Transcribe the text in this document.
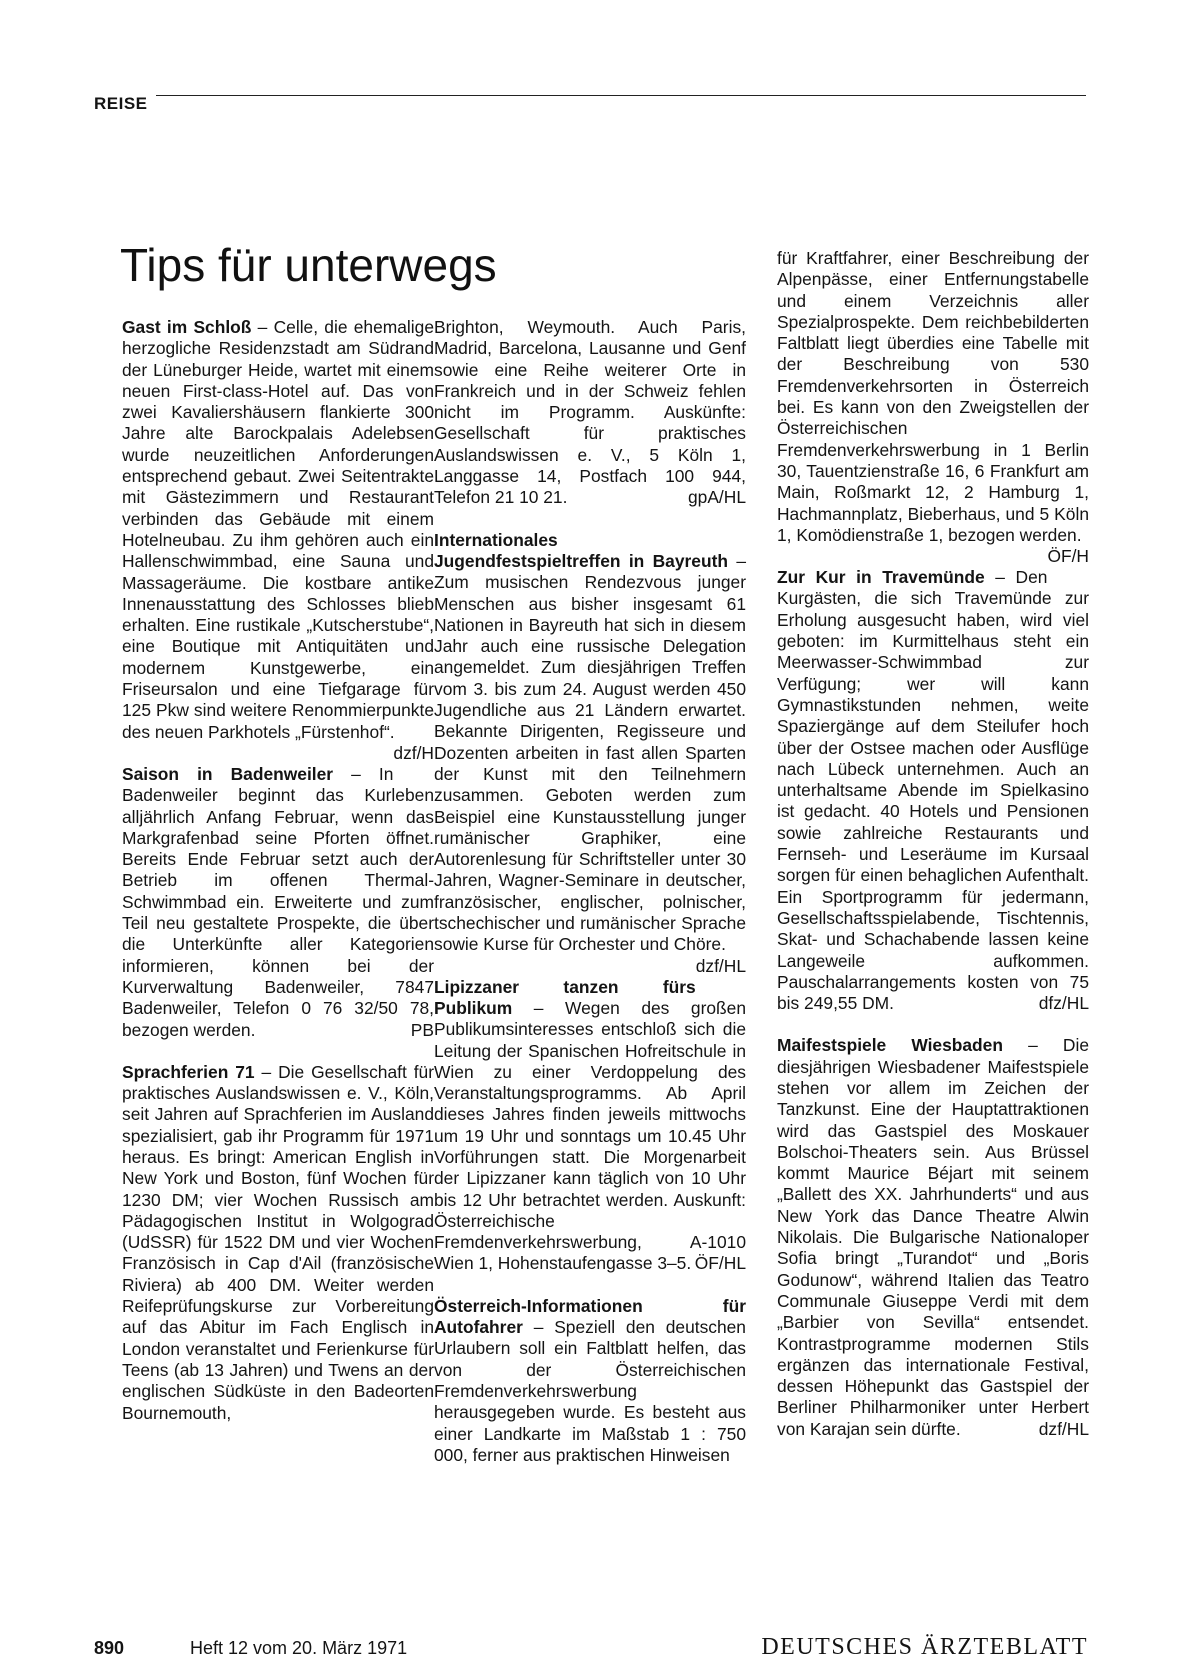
REISE
Tips für unterwegs

Gast im Schloß – Celle, die ehemalige herzogliche Residenzstadt am Südrand der Lüneburger Heide, wartet mit einem neuen First-class-Hotel auf. Das von zwei Kavaliershäusern flankierte 300 Jahre alte Barockpalais Adelebsen wurde neuzeitlichen Anforderungen entsprechend gebaut. Zwei Seitentrakte mit Gästezimmern und Restaurant verbinden das Gebäude mit einem Hotelneubau. Zu ihm gehören auch ein Hallenschwimmbad, eine Sauna und Massageräume. Die kostbare antike Innenausstattung des Schlosses blieb erhalten. Eine rustikale „Kutscherstube“, eine Boutique mit Antiquitäten und modernem Kunstgewerbe, ein Friseursalon und eine Tiefgarage für 125 Pkw sind weitere Renommierpunkte des neuen Parkhotels „Fürstenhof“.
dzf/H

Saison in Badenweiler – In Badenweiler beginnt das Kurleben alljährlich Anfang Februar, wenn das Markgrafenbad seine Pforten öffnet. Bereits Ende Februar setzt auch der Betrieb im offenen Thermal-Schwimmbad ein. Erweiterte und zum Teil neu gestaltete Prospekte, die über die Unterkünfte aller Kategorien informieren, können bei der Kurverwaltung Badenweiler, 7847 Badenweiler, Telefon 0 76 32/50 78, bezogen werden.	PB

Sprachferien 71 – Die Gesellschaft für praktisches Auslandswissen e. V., Köln, seit Jahren auf Sprachferien im Ausland spezialisiert, gab ihr Programm für 1971 heraus. Es bringt: American English in New York und Boston, fünf Wochen für 1230 DM; vier Wochen Russisch am Pädagogischen Institut in Wolgograd (UdSSR) für 1522 DM und vier Wochen Französisch in Cap d'Ail (französische Riviera) ab 400 DM. Weiter werden Reifeprüfungskurse zur Vorbereitung auf das Abitur im Fach Englisch in London veranstaltet und Ferienkurse für Teens (ab 13 Jahren) und Twens an der englischen Südküste in den Badeorten Bournemouth,

Brighton, Weymouth. Auch Paris, Madrid, Barcelona, Lausanne und Genf sowie eine Reihe weiterer Orte in Frankreich und in der Schweiz fehlen nicht im Programm. Auskünfte: Gesellschaft für praktisches Auslandswissen e. V., 5 Köln 1, Langgasse 14, Postfach 100 944, Telefon 21 10 21.	gpA/HL

Internationales Jugendfestspieltreffen in Bayreuth – Zum musischen Rendezvous junger Menschen aus bisher insgesamt 61 Nationen in Bayreuth hat sich in diesem Jahr auch eine russische Delegation angemeldet. Zum diesjährigen Treffen vom 3. bis zum 24. August werden 450 Jugendliche aus 21 Ländern erwartet. Bekannte Dirigenten, Regisseure und Dozenten arbeiten in fast allen Sparten der Kunst mit den Teilnehmern zusammen. Geboten werden zum Beispiel eine Kunstausstellung junger rumänischer Graphiker, eine Autorenlesung für Schriftsteller unter 30 Jahren, Wagner-Seminare in deutscher, französischer, englischer, polnischer, tschechischer und rumänischer Sprache sowie Kurse für Orchester und Chöre.
dzf/HL

Lipizzaner tanzen fürs Publikum – Wegen des großen Publikumsinteresses entschloß sich die Leitung der Spanischen Hofreitschule in Wien zu einer Verdoppelung des Veranstaltungsprogramms. Ab April dieses Jahres finden jeweils mittwochs um 19 Uhr und sonntags um 10.45 Uhr Vorführungen statt. Die Morgenarbeit der Lipizzaner kann täglich von 10 Uhr bis 12 Uhr betrachtet werden. Auskunft: Österreichische Fremdenverkehrswerbung, A-1010 Wien 1, Hohenstaufengasse 3–5. ÖF/HL

Österreich-Informationen für Autofahrer – Speziell den deutschen Urlaubern soll ein Faltblatt helfen, das von der Österreichischen Fremdenverkehrswerbung herausgegeben wurde. Es besteht aus einer Landkarte im Maßstab 1 : 750 000, ferner aus praktischen Hinweisen

für Kraftfahrer, einer Beschreibung der Alpenpässe, einer Entfernungstabelle und einem Verzeichnis aller Spezialprospekte. Dem reichbebilderten Faltblatt liegt überdies eine Tabelle mit der Beschreibung von 530 Fremdenverkehrsorten in Österreich bei. Es kann von den Zweigstellen der Österreichischen Fremdenverkehrswerbung in 1 Berlin 30, Tauentzienstraße 16, 6 Frankfurt am Main, Roßmarkt 12, 2 Hamburg 1, Hachmannplatz, Bieberhaus, und 5 Köln 1, Komödienstraße 1, bezogen werden.
ÖF/H

Zur Kur in Travemünde – Den Kurgästen, die sich Travemünde zur Erholung ausgesucht haben, wird viel geboten: im Kurmittelhaus steht ein Meerwasser-Schwimmbad zur Verfügung; wer will kann Gymnastikstunden nehmen, weite Spaziergänge auf dem Steilufer hoch über der Ostsee machen oder Ausflüge nach Lübeck unternehmen. Auch an unterhaltsame Abende im Spielkasino ist gedacht. 40 Hotels und Pensionen sowie zahlreiche Restaurants und Fernseh- und Leseräume im Kursaal sorgen für einen behaglichen Aufenthalt. Ein Sportprogramm für jedermann, Gesellschaftsspielabende, Tischtennis, Skat- und Schachabende lassen keine Langeweile aufkommen. Pauschalarrangements kosten von 75 bis 249,55 DM.	dfz/HL

Maifestspiele Wiesbaden – Die diesjährigen Wiesbadener Maifestspiele stehen vor allem im Zeichen der Tanzkunst. Eine der Hauptattraktionen wird das Gastspiel des Moskauer Bolschoi-Theaters sein. Aus Brüssel kommt Maurice Béjart mit seinem „Ballett des XX. Jahrhunderts“ und aus New York das Dance Theatre Alwin Nikolais. Die Bulgarische Nationaloper Sofia bringt „Turandot“ und „Boris Godunow“, während Italien das Teatro Communale Giuseppe Verdi mit dem „Barbier von Sevilla“ entsendet. Kontrastprogramme modernen Stils ergänzen das internationale Festival, dessen Höhepunkt das Gastspiel der Berliner Philharmoniker unter Herbert von Karajan sein dürfte.	dzf/HL

890	Heft 12 vom 20. März 1971	DEUTSCHES ÄRZTEBLATT
